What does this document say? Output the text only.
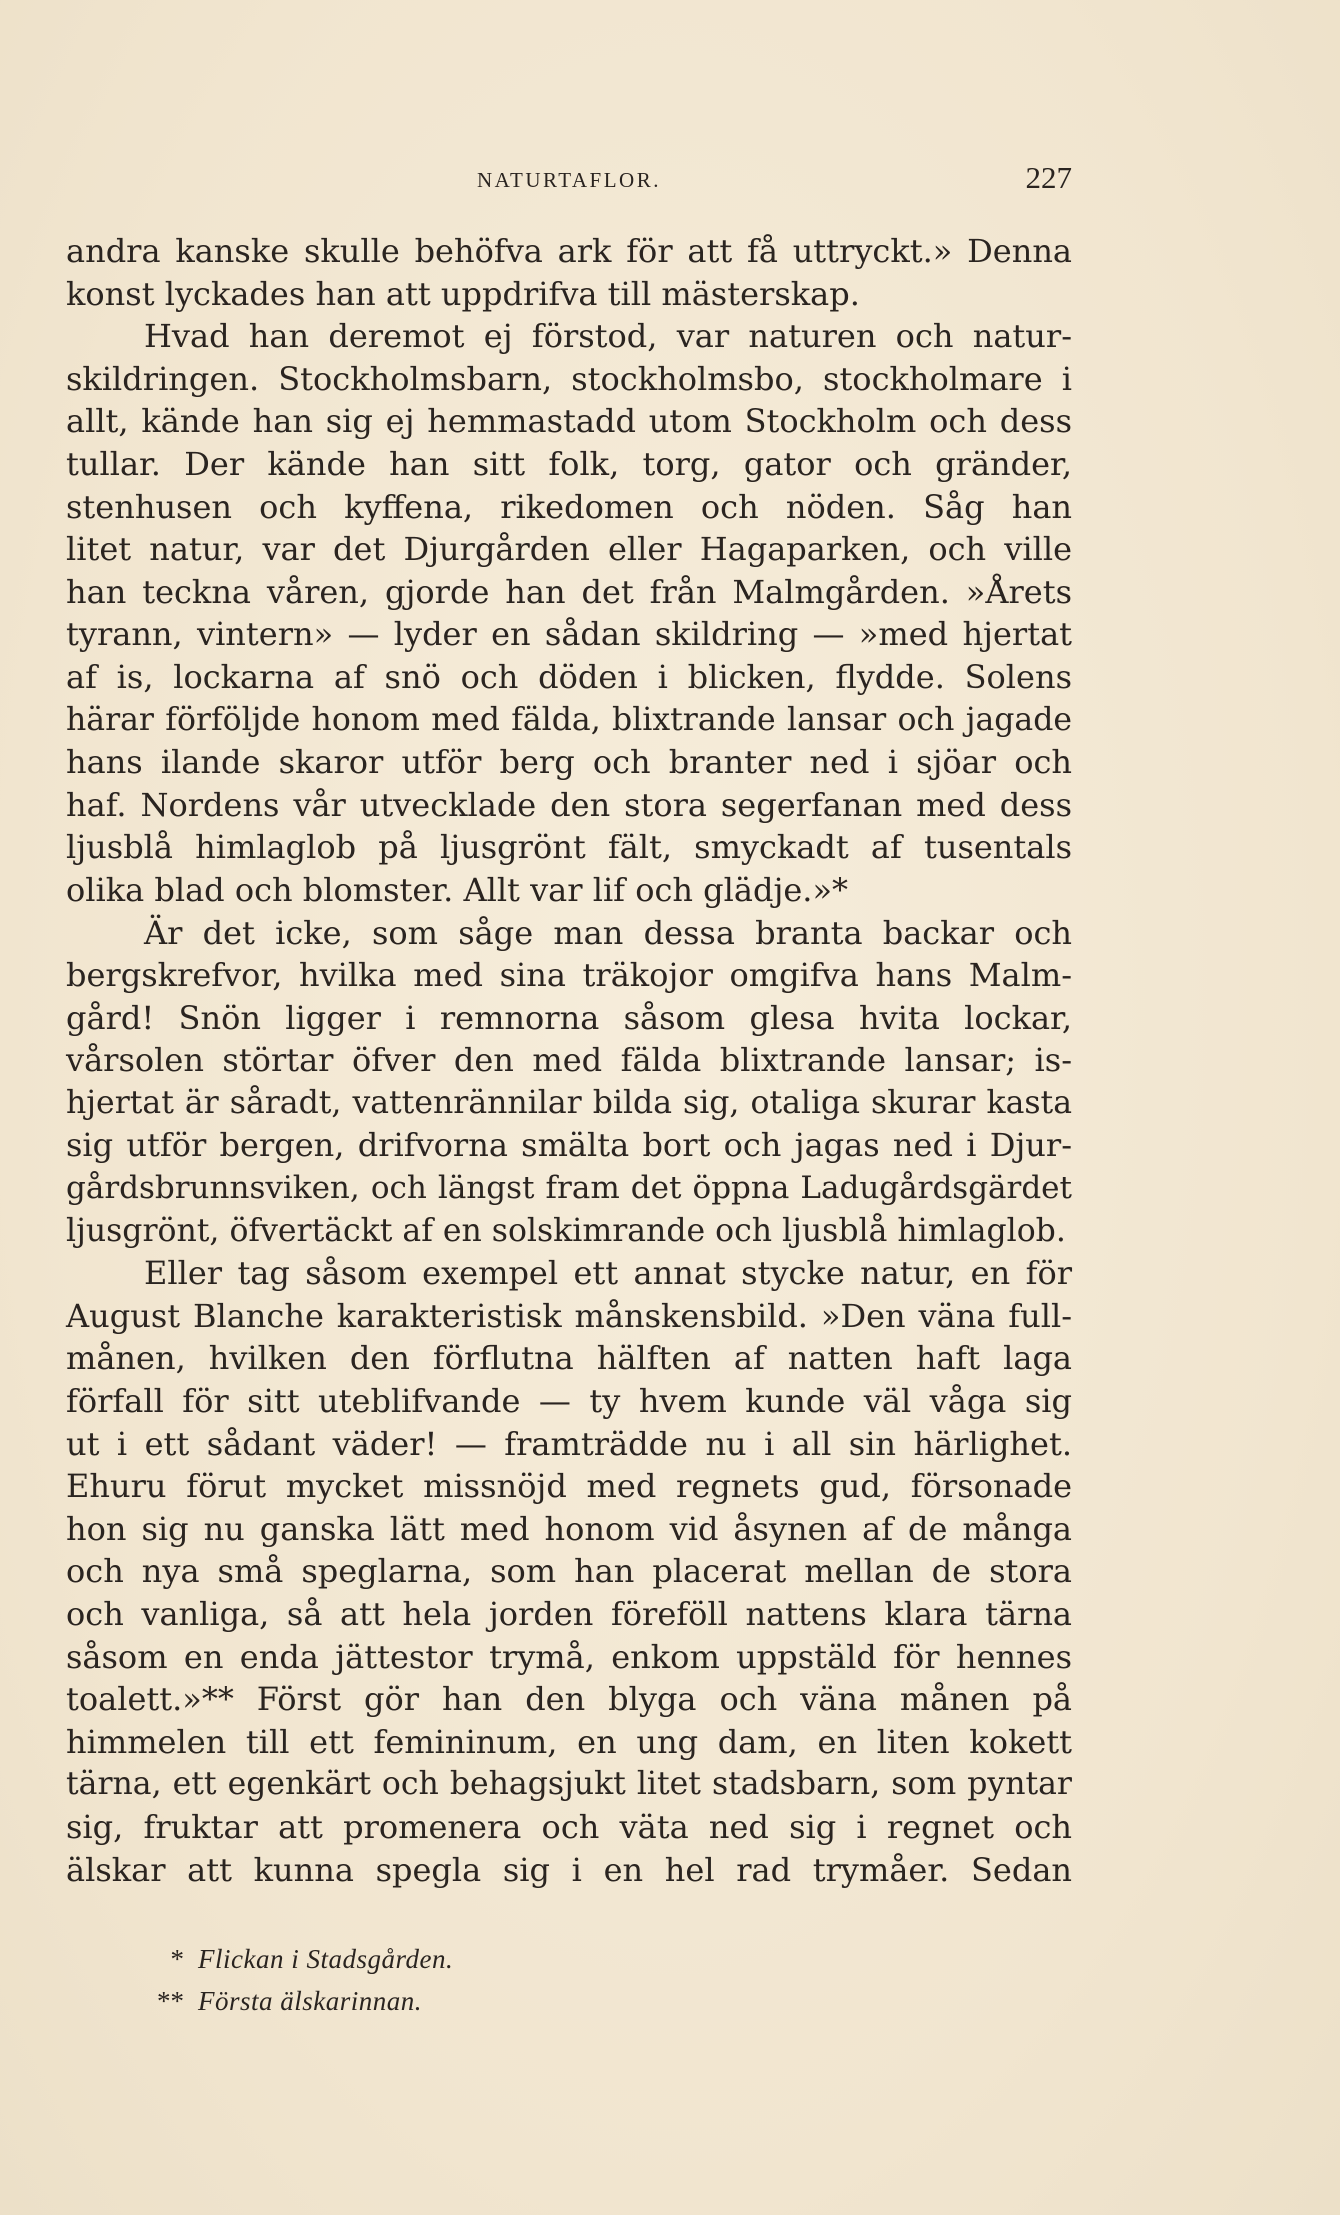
NATURTAFLOR.	227
andra kanske skulle behöfva ark för att få uttryckt.» Denna
konst lyckades han att uppdrifva till mästerskap.
Hvad han deremot ej förstod, var naturen och natur-
skildringen. Stockholmsbarn, stockholmsbo, stockholmare i
allt, kände han sig ej hemmastadd utom Stockholm och dess
tullar. Der kände han sitt folk, torg, gator och gränder,
stenhusen och kyffena, rikedomen och nöden. Såg han
litet natur, var det Djurgården eller Hagaparken, och ville
han teckna våren, gjorde han det från Malmgården. »Årets
tyrann, vintern» — lyder en sådan skildring — »med hjertat
af is, lockarna af snö och döden i blicken, flydde. Solens
härar förföljde honom med fälda, blixtrande lansar och jagade
hans ilande skaror utför berg och branter ned i sjöar och
haf. Nordens vår utvecklade den stora segerfanan med dess
ljusblå himlaglob på ljusgrönt fält, smyckadt af tusentals
olika blad och blomster. Allt var lif och glädje.»*
Är det icke, som såge man dessa branta backar och
bergskrefvor, hvilka med sina träkojor omgifva hans Malm-
gård! Snön ligger i remnorna såsom glesa hvita lockar,
vårsolen störtar öfver den med fälda blixtrande lansar; is-
hjertat är såradt, vattenrännilar bilda sig, otaliga skurar kasta
sig utför bergen, drifvorna smälta bort och jagas ned i Djur-
gårdsbrunnsviken, och längst fram det öppna Ladugårdsgärdet
ljusgrönt, öfvertäckt af en solskimrande och ljusblå himlaglob.
Eller tag såsom exempel ett annat stycke natur, en för
August Blanche karakteristisk månskensbild. »Den väna full-
månen, hvilken den förflutna hälften af natten haft laga
förfall för sitt uteblifvande — ty hvem kunde väl våga sig
ut i ett sådant väder! — framträdde nu i all sin härlighet.
Ehuru förut mycket missnöjd med regnets gud, försonade
hon sig nu ganska lätt med honom vid åsynen af de många
och nya små speglarna, som han placerat mellan de stora
och vanliga, så att hela jorden föreföll nattens klara tärna
såsom en enda jättestor trymå, enkom uppstäld för hennes
toalett.»** Först gör han den blyga och väna månen på
himmelen till ett femininum, en ung dam, en liten kokett
tärna, ett egenkärt och behagsjukt litet stadsbarn, som pyntar
sig, fruktar att promenera och väta ned sig i regnet och
älskar att kunna spegla sig i en hel rad trymåer. Sedan
* Flickan i Stadsgården.
** Första älskarinnan.
